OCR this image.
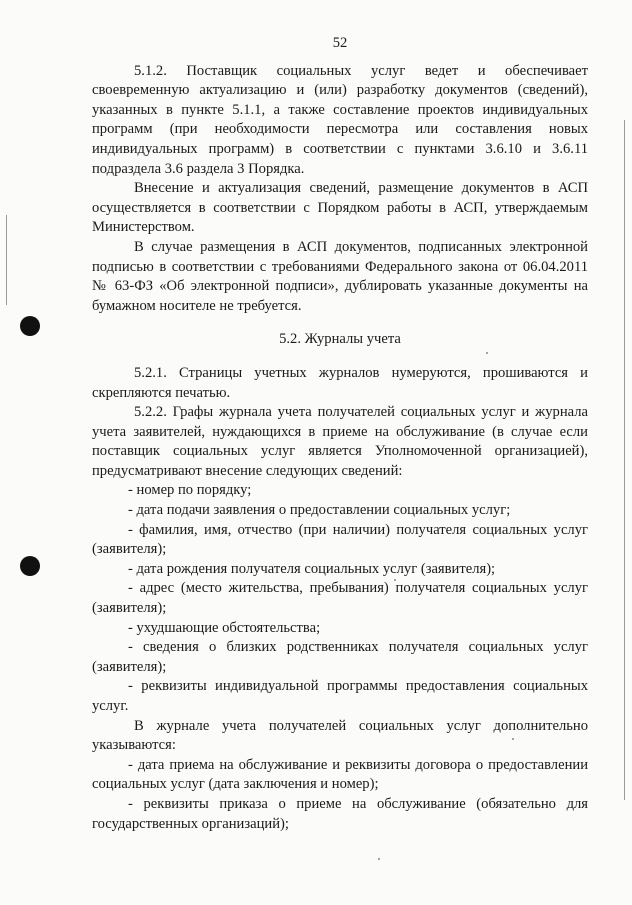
52

5.1.2. Поставщик социальных услуг ведет и обеспечивает своевременную актуализацию и (или) разработку документов (сведений), указанных в пункте 5.1.1, а также составление проектов индивидуальных программ (при необходимости пересмотра или составления новых индивидуальных программ) в соответствии с пунктами 3.6.10 и 3.6.11 подраздела 3.6 раздела 3 Порядка.

Внесение и актуализация сведений, размещение документов в АСП осуществляется в соответствии с Порядком работы в АСП, утверждаемым Министерством.

В случае размещения в АСП документов, подписанных электронной подписью в соответствии с требованиями Федерального закона от 06.04.2011 № 63-ФЗ «Об электронной подписи», дублировать указанные документы на бумажном носителе не требуется.

5.2. Журналы учета

5.2.1. Страницы учетных журналов нумеруются, прошиваются и скрепляются печатью.

5.2.2. Графы журнала учета получателей социальных услуг и журнала учета заявителей, нуждающихся в приеме на обслуживание (в случае если поставщик социальных услуг является Уполномоченной организацией), предусматривают внесение следующих сведений:

- номер по порядку;

- дата подачи заявления о предоставлении социальных услуг;

- фамилия, имя, отчество (при наличии) получателя социальных услуг (заявителя);

- дата рождения получателя социальных услуг (заявителя);

- адрес (место жительства, пребывания) получателя социальных услуг (заявителя);

- ухудшающие обстоятельства;

- сведения о близких родственниках получателя социальных услуг (заявителя);

- реквизиты индивидуальной программы предоставления социальных услуг.

В журнале учета получателей социальных услуг дополнительно указываются:

- дата приема на обслуживание и реквизиты договора о предоставлении социальных услуг (дата заключения и номер);

- реквизиты приказа о приеме на обслуживание (обязательно для государственных организаций);
